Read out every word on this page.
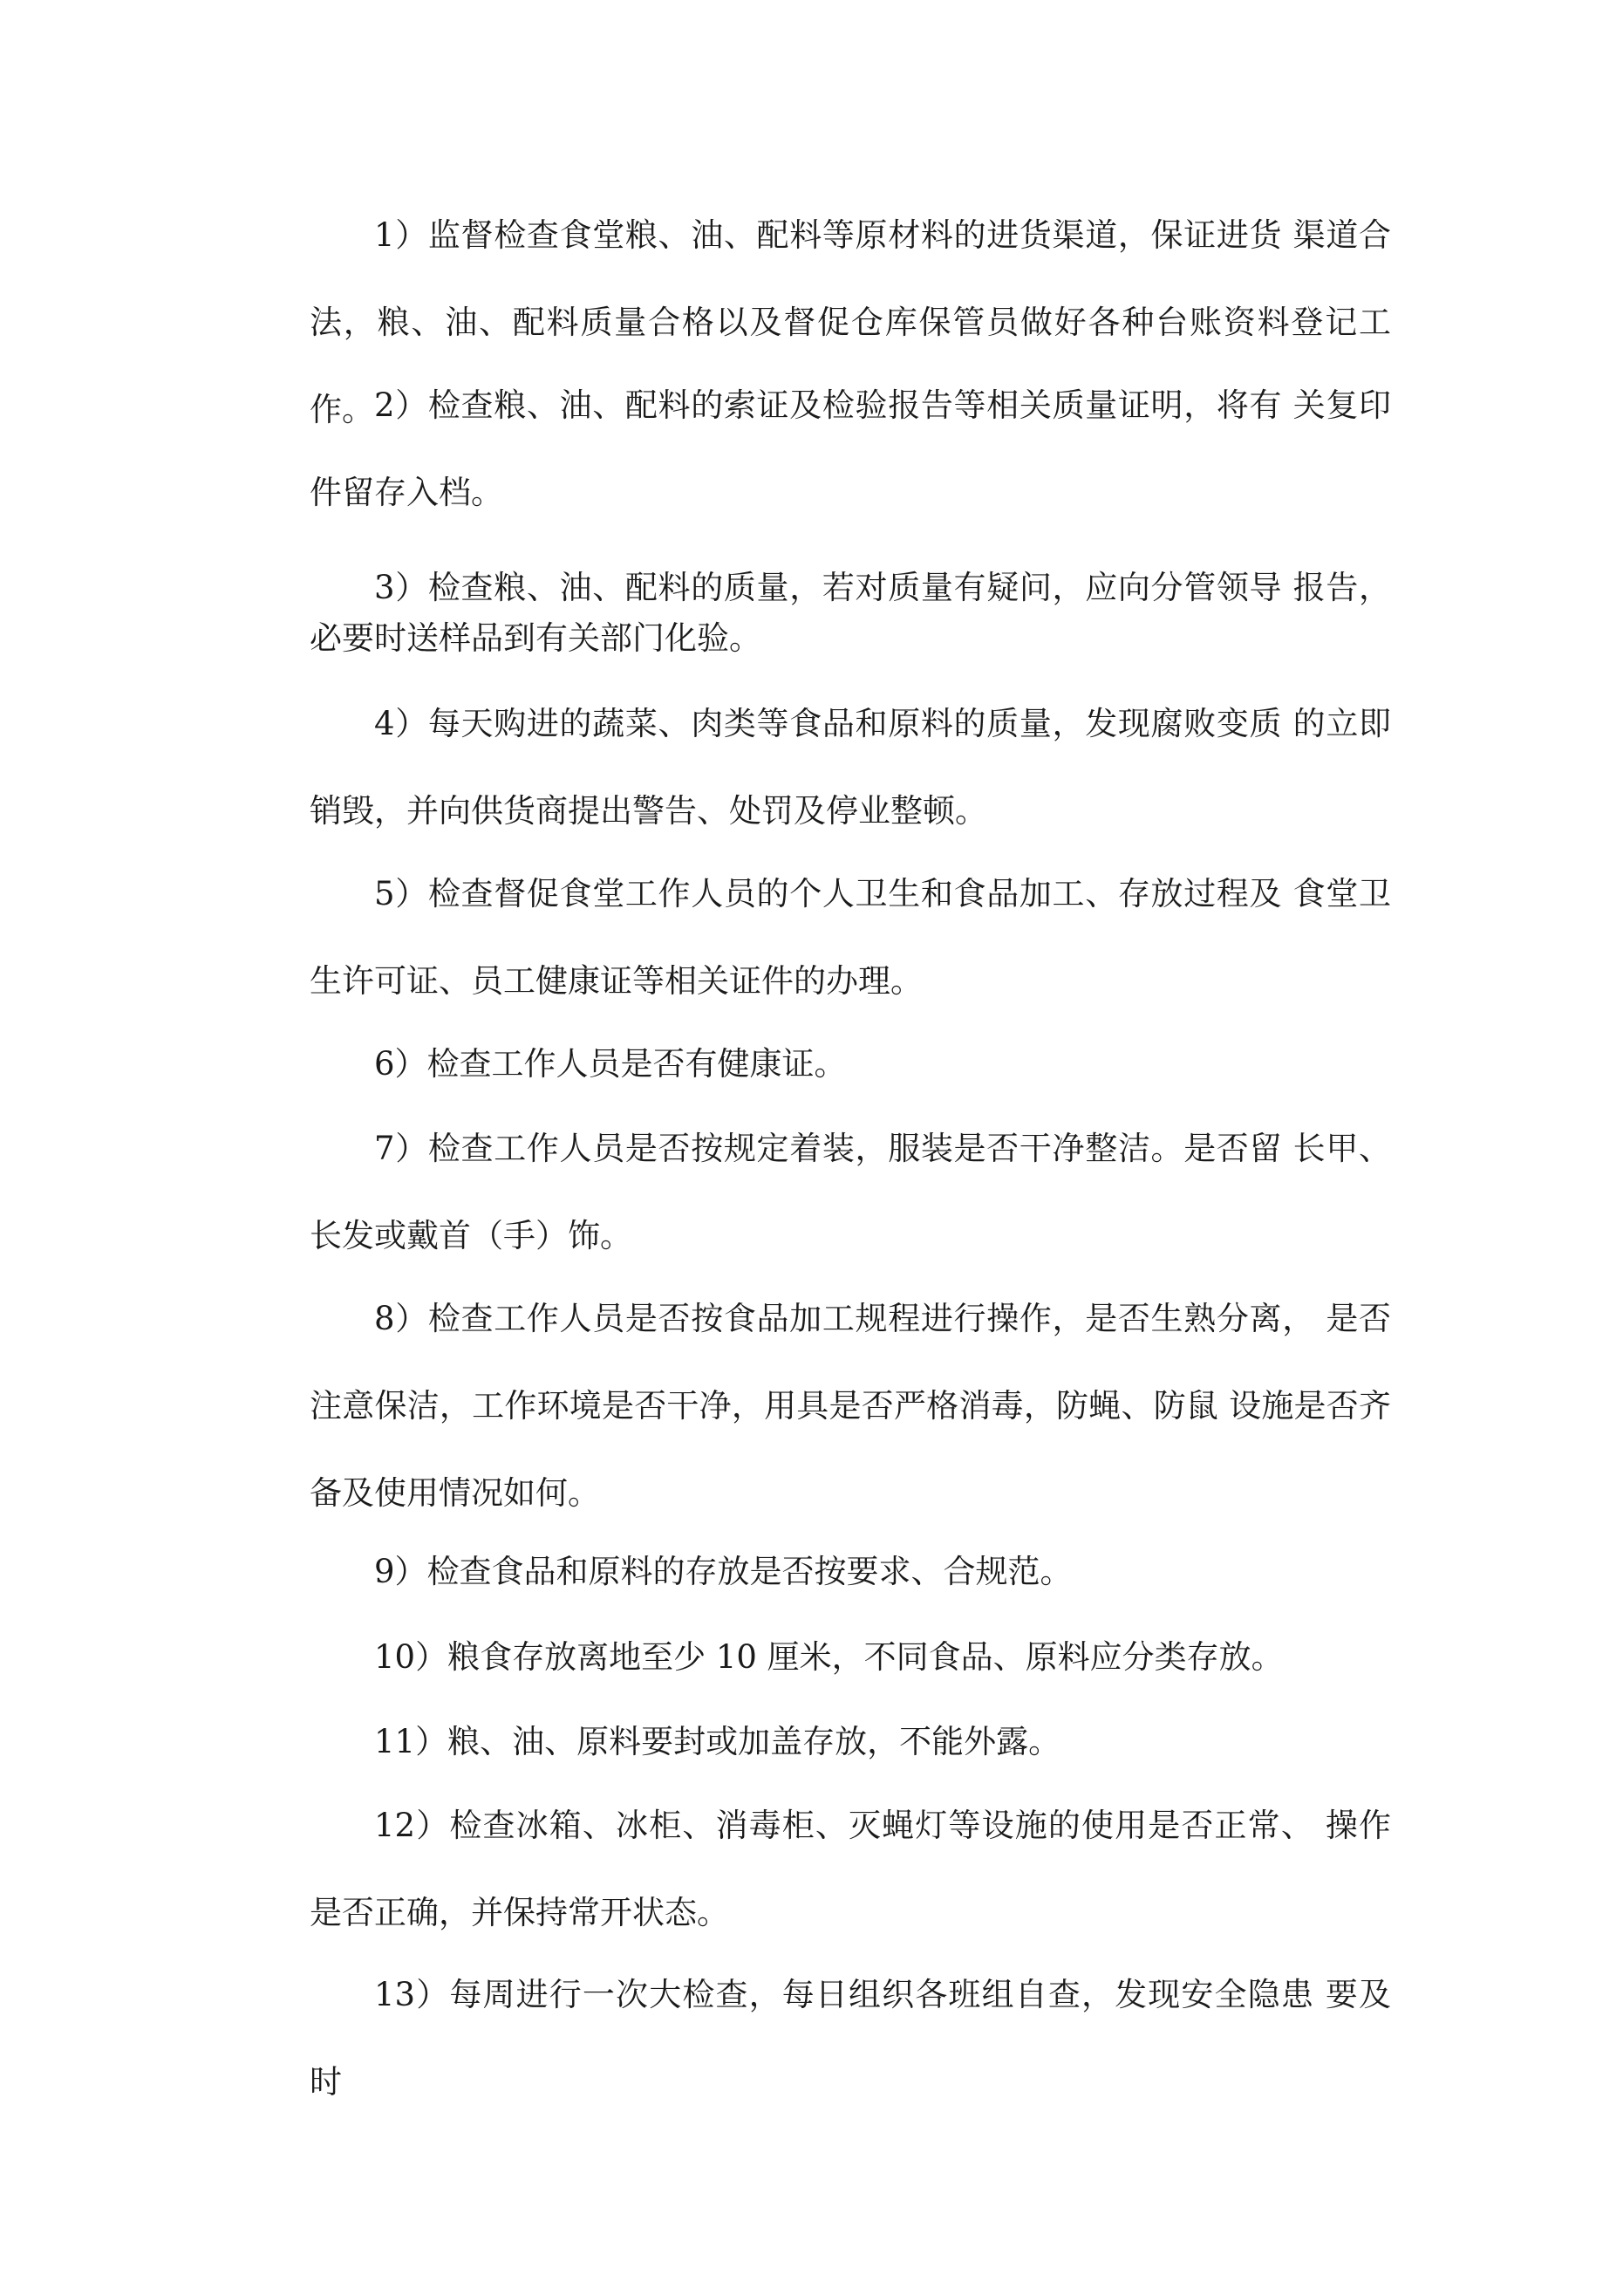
1）监督检查食堂粮、油、配料等原材料的进货渠道，保证进货 渠道合法，粮、油、配料质量合格以及督促仓库保管员做好各种台账资料登记工作。 2）检查粮、油、配料的索证及检验报告等相关质量证明，将有 关复印件留存入档。

3）检查粮、油、配料的质量，若对质量有疑问，应向分管领导 报告，必要时送样品到有关部门化验。

4）每天购进的蔬菜、肉类等食品和原料的质量，发现腐败变质 的立即销毁，并向供货商提出警告、处罚及停业整顿。

5）检查督促食堂工作人员的个人卫生和食品加工、存放过程及 食堂卫生许可证、员工健康证等相关证件的办理。

6）检查工作人员是否有健康证。

7）检查工作人员是否按规定着装，服装是否干净整洁。是否留 长甲、长发或戴首（手）饰。

8）检查工作人员是否按食品加工规程进行操作，是否生熟分离， 是否注意保洁，工作环境是否干净，用具是否严格消毒，防蝇、防鼠 设施是否齐备及使用情况如何。

9）检查食品和原料的存放是否按要求、合规范。

10）粮食存放离地至少 10 厘米，不同食品、原料应分类存放。

11）粮、油、原料要封或加盖存放，不能外露。

12）检查冰箱、冰柜、消毒柜、灭蝇灯等设施的使用是否正常、 操作是否正确，并保持常开状态。

13）每周进行一次大检查，每日组织各班组自查，发现安全隐患 要及时
